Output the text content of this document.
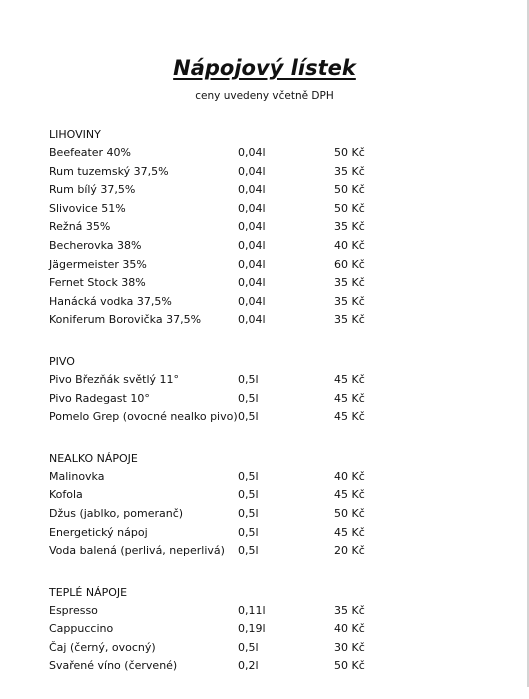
Nápojový lístek
ceny uvedeny včetně DPH
LIHOVINY
Beefeater 40%	0,04l	50 Kč
Rum tuzemský 37,5%	0,04l	35 Kč
Rum bílý 37,5%	0,04l	50 Kč
Slivovice 51%	0,04l	50 Kč
Režná 35%	0,04l	35 Kč
Becherovka 38%	0,04l	40 Kč
Jägermeister 35%	0,04l	60 Kč
Fernet Stock 38%	0,04l	35 Kč
Hanácká vodka 37,5%	0,04l	35 Kč
Koniferum Borovička 37,5%	0,04l	35 Kč
PIVO
Pivo Březňák světlý 11°	0,5l	45 Kč
Pivo Radegast 10°	0,5l	45 Kč
Pomelo Grep (ovocné nealko pivo) 0,5l	45 Kč
NEALKO NÁPOJE
Malinovka	0,5l	40 Kč
Kofola	0,5l	45 Kč
Džus (jablko, pomeranč)	0,5l	50 Kč
Energetický nápoj	0,5l	45 Kč
Voda balená (perlivá, neperlivá)	0,5l	20 Kč
TEPLÉ NÁPOJE
Espresso	0,11l	35 Kč
Cappuccino	0,19l	40 Kč
Čaj (černý, ovocný)	0,5l	30 Kč
Svařené víno (červené)	0,2l	50 Kč
